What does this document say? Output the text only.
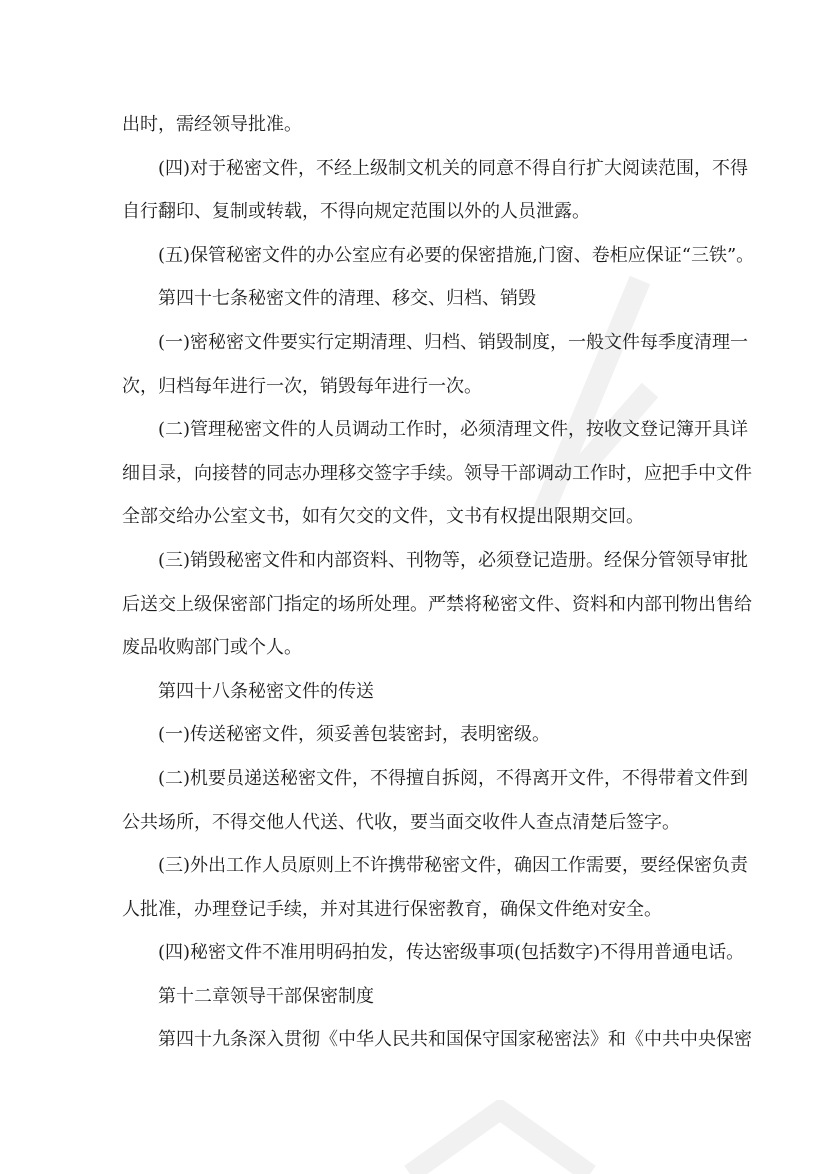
出时，需经领导批准。
(四)对于秘密文件，不经上级制文机关的同意不得自行扩大阅读范围，不得
自行翻印、复制或转载，不得向规定范围以外的人员泄露。
(五)保管秘密文件的办公室应有必要的保密措施,门窗、卷柜应保证“三铁”。
第四十七条秘密文件的清理、移交、归档、销毁
(一)密秘密文件要实行定期清理、归档、销毁制度，一般文件每季度清理一
次，归档每年进行一次，销毁每年进行一次。
(二)管理秘密文件的人员调动工作时，必须清理文件，按收文登记簿开具详
细目录，向接替的同志办理移交签字手续。领导干部调动工作时，应把手中文件
全部交给办公室文书，如有欠交的文件，文书有权提出限期交回。
(三)销毁秘密文件和内部资料、刊物等，必须登记造册。经保分管领导审批
后送交上级保密部门指定的场所处理。严禁将秘密文件、资料和内部刊物出售给
废品收购部门或个人。
第四十八条秘密文件的传送
(一)传送秘密文件，须妥善包装密封，表明密级。
(二)机要员递送秘密文件，不得擅自拆阅，不得离开文件，不得带着文件到
公共场所，不得交他人代送、代收，要当面交收件人查点清楚后签字。
(三)外出工作人员原则上不许携带秘密文件，确因工作需要，要经保密负责
人批准，办理登记手续，并对其进行保密教育，确保文件绝对安全。
(四)秘密文件不准用明码拍发，传达密级事项(包括数字)不得用普通电话。
第十二章领导干部保密制度
第四十九条深入贯彻《中华人民共和国保守国家秘密法》和《中共中央保密
